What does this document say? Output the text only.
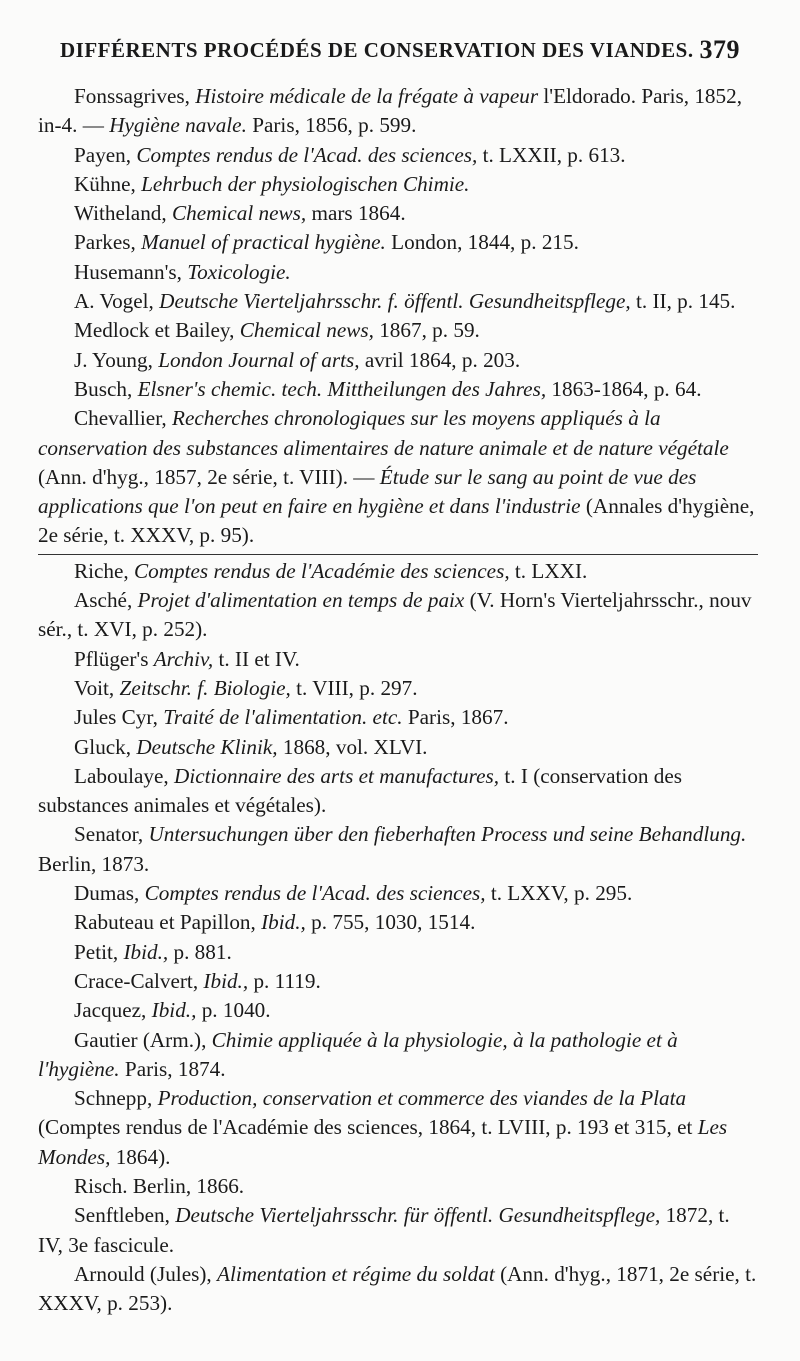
DIFFÉRENTS PROCÉDÉS DE CONSERVATION DES VIANDES. 379

Fonssagrives, Histoire médicale de la frégate à vapeur l'Eldorado. Paris, 1852, in-4. — Hygiène navale. Paris, 1856, p. 599.

Payen, Comptes rendus de l'Acad. des sciences, t. LXXII, p. 613.

Kühne, Lehrbuch der physiologischen Chimie.

Witheland, Chemical news, mars 1864.

Parkes, Manuel of practical hygiène. London, 1844, p. 215.

Husemann's, Toxicologie.

A. Vogel, Deutsche Vierteljahrsschr. f. öffentl. Gesundheitspflege, t. II, p. 145.

Medlock et Bailey, Chemical news, 1867, p. 59.

J. Young, London Journal of arts, avril 1864, p. 203.

Busch, Elsner's chemic. tech. Mittheilungen des Jahres, 1863-1864, p. 64.

Chevallier, Recherches chronologiques sur les moyens appliqués à la conservation des substances alimentaires de nature animale et de nature végétale (Ann. d'hyg., 1857, 2e série, t. VIII). — Étude sur le sang au point de vue des applications que l'on peut en faire en hygiène et dans l'industrie (Annales d'hygiène, 2e série, t. XXXV, p. 95).

Riche, Comptes rendus de l'Académie des sciences, t. LXXI.

Asché, Projet d'alimentation en temps de paix (V. Horn's Vierteljahrsschr., nouv sér., t. XVI, p. 252).

Pflüger's Archiv, t. II et IV.

Voit, Zeitschr. f. Biologie, t. VIII, p. 297.

Jules Cyr, Traité de l'alimentation. etc. Paris, 1867.

Gluck, Deutsche Klinik, 1868, vol. XLVI.

Laboulaye, Dictionnaire des arts et manufactures, t. I (conservation des substances animales et végétales).

Senator, Untersuchungen über den fieberhaften Process und seine Behandlung. Berlin, 1873.

Dumas, Comptes rendus de l'Acad. des sciences, t. LXXV, p. 295.

Rabuteau et Papillon, Ibid., p. 755, 1030, 1514.

Petit, Ibid., p. 881.

Crace-Calvert, Ibid., p. 1119.

Jacquez, Ibid., p. 1040.

Gautier (Arm.), Chimie appliquée à la physiologie, à la pathologie et à l'hygiène. Paris, 1874.

Schnepp, Production, conservation et commerce des viandes de la Plata (Comptes rendus de l'Académie des sciences, 1864, t. LVIII, p. 193 et 315, et Les Mondes, 1864).

Risch. Berlin, 1866.

Senftleben, Deutsche Vierteljahrsschr. für öffentl. Gesundheitspflege, 1872, t. IV, 3e fascicule.

Arnould (Jules), Alimentation et régime du soldat (Ann. d'hyg., 1871, 2e série, t. XXXV, p. 253).
